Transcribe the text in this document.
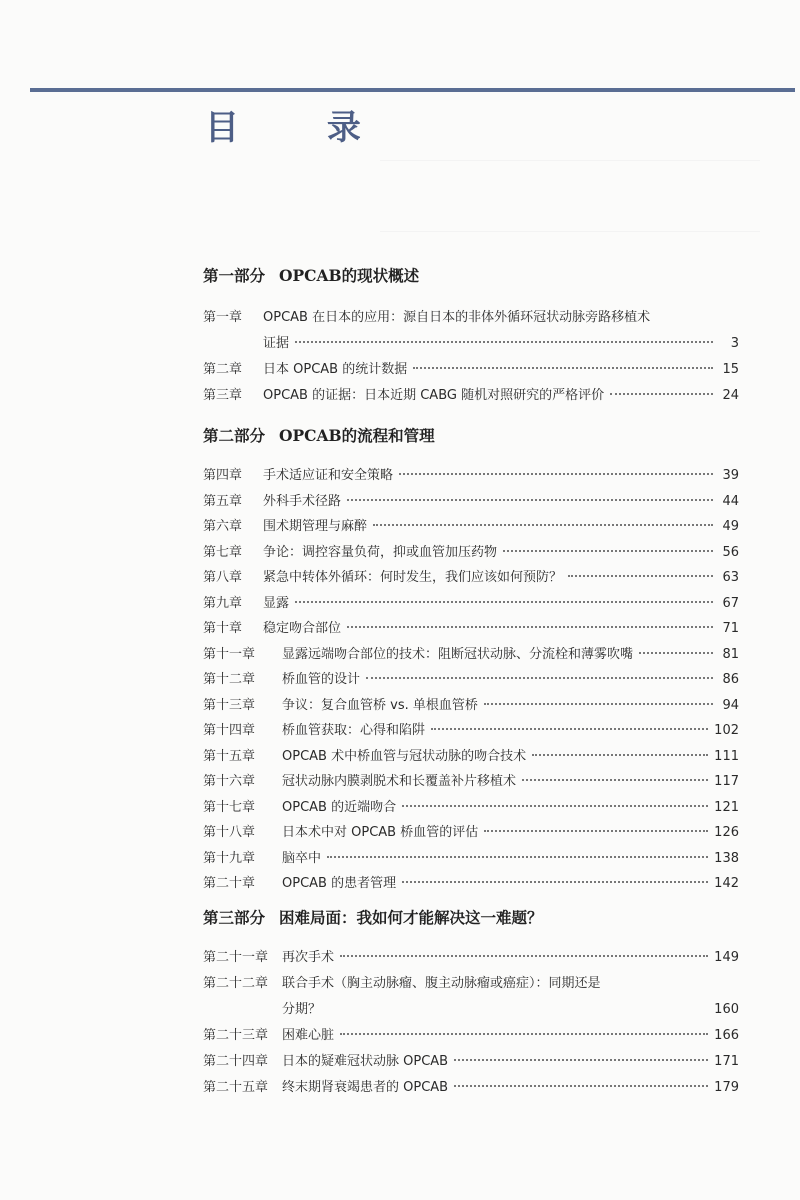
目 录
第一部分 OPCAB的现状概述
第一章 OPCAB 在日本的应用：源自日本的非体外循环冠状动脉旁路移植术
证据	3
第二章 日本 OPCAB 的统计数据	15
第三章 OPCAB 的证据：日本近期 CABG 随机对照研究的严格评价	24
第二部分 OPCAB的流程和管理
第四章 手术适应证和安全策略	39
第五章 外科手术径路	44
第六章 围术期管理与麻醉	49
第七章 争论：调控容量负荷，抑或血管加压药物	56
第八章 紧急中转体外循环：何时发生，我们应该如何预防？	63
第九章 显露	67
第十章 稳定吻合部位	71
第十一章 显露远端吻合部位的技术：阻断冠状动脉、分流栓和薄雾吹嘴	81
第十二章 桥血管的设计	86
第十三章 争议：复合血管桥 vs. 单根血管桥	94
第十四章 桥血管获取：心得和陷阱	102
第十五章 OPCAB 术中桥血管与冠状动脉的吻合技术	111
第十六章 冠状动脉内膜剥脱术和长覆盖补片移植术	117
第十七章 OPCAB 的近端吻合	121
第十八章 日本术中对 OPCAB 桥血管的评估	126
第十九章 脑卒中	138
第二十章 OPCAB 的患者管理	142
第三部分 困难局面：我如何才能解决这一难题？
第二十一章 再次手术	149
第二十二章 联合手术（胸主动脉瘤、腹主动脉瘤或癌症）：同期还是
分期？	160
第二十三章 困难心脏	166
第二十四章 日本的疑难冠状动脉 OPCAB	171
第二十五章 终末期肾衰竭患者的 OPCAB	179
